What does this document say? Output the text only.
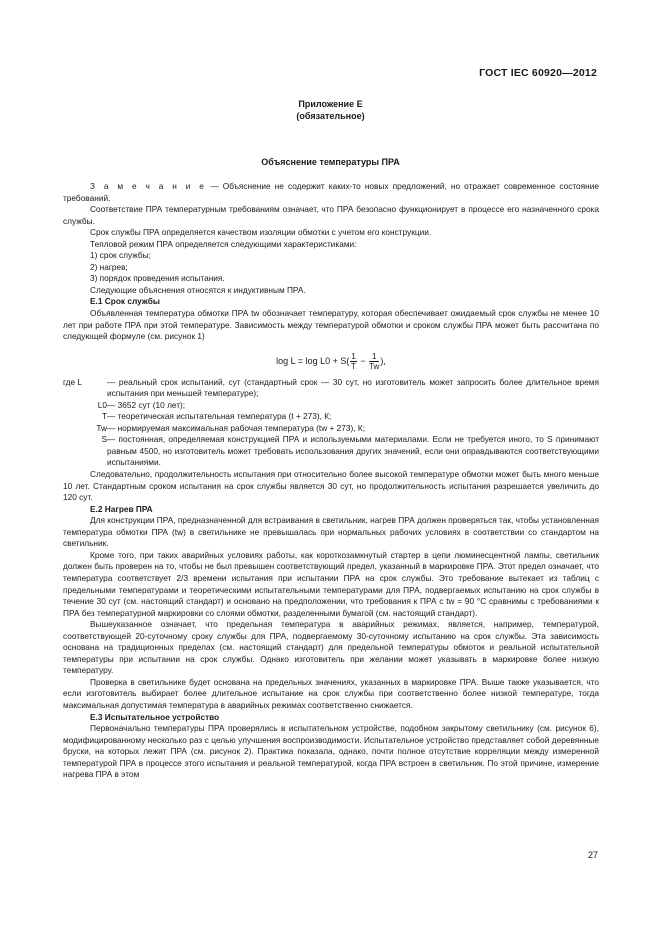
ГОСТ IEC 60920—2012
Приложение Е
(обязательное)
Объяснение температуры ПРА

З а м е ч а н и е — Объяснение не содержит каких-то новых предложений, но отражает современное состояние требований.

Соответствие ПРА температурным требованиям означает, что ПРА безопасно функционирует в процессе его назначенного срока службы.

Срок службы ПРА определяется качеством изоляции обмотки с учетом его конструкции.

Тепловой режим ПРА определяется следующими характеристиками:

1) срок службы;

2) нагрев;

3) порядок проведения испытания.

Следующие объяснения относятся к индуктивным ПРА.

Е.1 Срок службы

Объявленная температура обмотки ПРА tw обозначает температуру, которая обеспечивает ожидаемый срок службы не менее 10 лет при работе ПРА при этой температуре. Зависимость между температурой обмотки и сроком службы ПРА может быть рассчитана по следующей формуле (см. рисунок 1)

$\log L = \log L0 + S( \frac{1}{T} - \frac{1}{Tw}$ ),
где L	— реальный срок испытаний, сут (стандартный срок — 30 сут, но изготовитель может запросить более длительное время испытания при меньшей температуре);
L0 — 3652 сут (10 лет);
T — теоретическая испытательная температура (t + 273), К;
Tw — нормируемая максимальная рабочая температура (tw + 273), К;
S — постоянная, определяемая конструкцией ПРА и используемыми материалами. Если не требуется иного, то S принимают равным 4500, но изготовитель может требовать использования других значений, если они оправдываются соответствующими испытаниями.

Следовательно, продолжительность испытания при относительно более высокой температуре обмотки может быть много меньше 10 лет. Стандартным сроком испытания на срок службы является 30 сут, но продолжительность испытания разрешается увеличить до 120 сут.

Е.2 Нагрев ПРА

Для конструкции ПРА, предназначенной для встраивания в светильник, нагрев ПРА должен проверяться так, чтобы установленная температура обмотки ПРА (tw) в светильнике не превышалась при нормальных рабочих условиях в соответствии со стандартом на светильник.

Кроме того, при таких аварийных условиях работы, как короткозамкнутый стартер в цепи люминесцентной лампы, светильник должен быть проверен на то, чтобы не был превышен соответствующий предел, указанный в маркировке ПРА. Этот предел означает, что температура соответствует 2/3 времени испытания при испытании ПРА на срок службы. Это требование вытекает из таблиц с предельными температурами и теоретическими испытательными температурами для ПРА, подвергаемых испытанию на срок службы в течение 30 сут (см. настоящий стандарт) и основано на предположении, что требования к ПРА с tw = 90 °С сравнимы с требованиями к ПРА без температурной маркировки со слоями обмотки, разделенными бумагой (см. настоящий стандарт).

Вышеуказанное означает, что предельная температура в аварийных режимах, является, например, температурой, соответствующей 20-суточному сроку службы для ПРА, подвергаемому 30-суточному испытанию на срок службы. Эта зависимость основана на традиционных пределах (см. настоящий стандарт) для предельной температуры обмоток и реальной испытательной температуры при испытании на срок службы. Однако изготовитель при желании может указывать в маркировке более низкую температуру.

Проверка в светильнике будет основана на предельных значениях, указанных в маркировке ПРА. Выше также указывается, что если изготовитель выбирает более длительное испытание на срок службы при соответственно более низкой температуре, тогда максимальная допустимая температура в аварийных режимах соответственно снижается.

Е.3 Испытательное устройство

Первоначально температуры ПРА проверялись в испытательном устройстве, подобном закрытому светильнику (см. рисунок 6), модифицированному несколько раз с целью улучшения воспроизводимости. Испытательное устройство представляет собой деревянные бруски, на которых лежит ПРА (см. рисунок 2). Практика показала, однако, почти полное отсутствие корреляции между измеренной температурой ПРА в процессе этого испытания и реальной температурой, когда ПРА встроен в светильник. По этой причине, измерение нагрева ПРА в этом

27
